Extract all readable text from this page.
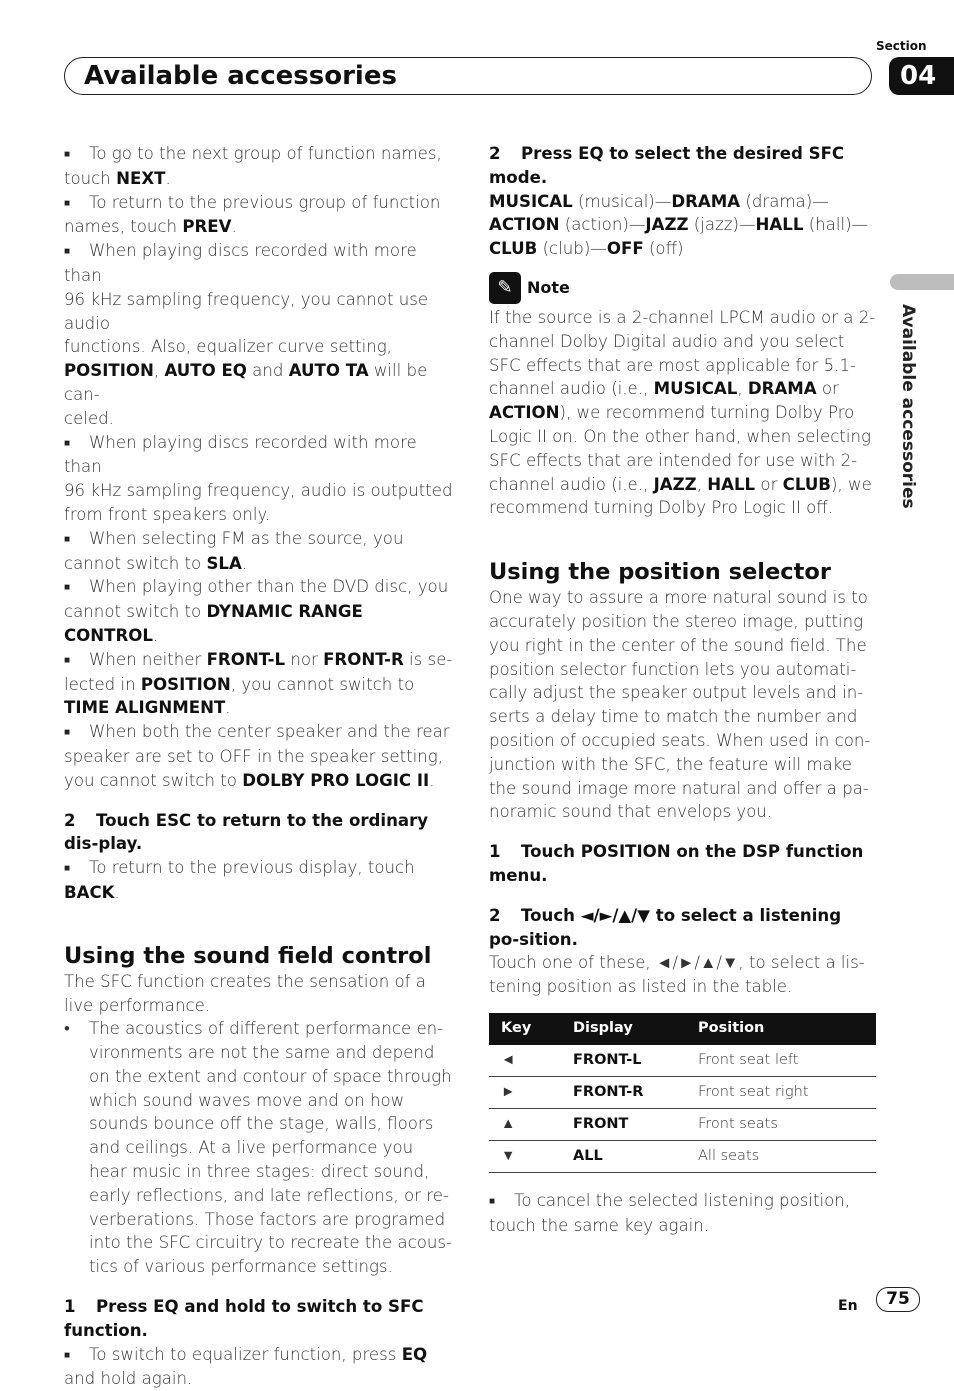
Section
Available accessories	04
Available accessories

■ To go to the next group of function names, touch NEXT.

■ To return to the previous group of function names, touch PREV.

■ When playing discs recorded with more than
96 kHz sampling frequency, you cannot use audio
functions. Also, equalizer curve setting,
POSITION, AUTO EQ and AUTO TA will be can-
celed.

■ When playing discs recorded with more than
96 kHz sampling frequency, audio is outputted
from front speakers only.

■ When selecting FM as the source, you cannot switch to SLA.

■ When playing other than the DVD disc, you cannot switch to DYNAMIC RANGE CONTROL.

■ When neither FRONT-L nor FRONT-R is se-
lected in POSITION, you cannot switch to
TIME ALIGNMENT.

■ When both the center speaker and the rear speaker are set to OFF in the speaker setting, you cannot switch to DOLBY PRO LOGIC II.

2 Touch ESC to return to the ordinary dis-play.

■ To return to the previous display, touch BACK.

Using the sound field control

The SFC function creates the sensation of a live performance.

• The acoustics of different performance en-vironments are not the same and depend on the extent and contour of space through which sound waves move and on how sounds bounce off the stage, walls, floors and ceilings. At a live performance you hear music in three stages: direct sound, early reflections, and late reflections, or re-verberations. Those factors are programed into the SFC circuitry to recreate the acous-tics of various performance settings.
1 Press EQ and hold to switch to SFC function.

■ To switch to equalizer function, press EQ and hold again.

2 Press EQ to select the desired SFC mode.

MUSICAL (musical)—DRAMA (drama)—ACTION (action)—JAZZ (jazz)—HALL (hall)—CLUB (club)—OFF (off)

✎ Note

If the source is a 2-channel LPCM audio or a 2-channel Dolby Digital audio and you select SFC effects that are most applicable for 5.1-channel audio (i.e., MUSICAL, DRAMA or ACTION), we recommend turning Dolby Pro Logic II on. On the other hand, when selecting SFC effects that are intended for use with 2-channel audio (i.e., JAZZ, HALL or CLUB), we recommend turning Dolby Pro Logic II off.

Using the position selector

One way to assure a more natural sound is to accurately position the stereo image, putting you right in the center of the sound field. The position selector function lets you automati-cally adjust the speaker output levels and in-serts a delay time to match the number and position of occupied seats. When used in con-junction with the SFC, the feature will make the sound image more natural and offer a pa-noramic sound that envelops you.

1 Touch POSITION on the DSP function menu.
2 Touch ◄/►/▲/▼ to select a listening po-sition.

Touch one of these, ◄/►/▲/▼, to select a lis-tening position as listed in the table.

Key	Display	Position
◄	FRONT-L	Front seat left
►	FRONT-R	Front seat right
▲	FRONT	Front seats
▼	ALL	All seats

■ To cancel the selected listening position, touch the same key again.

En	75
